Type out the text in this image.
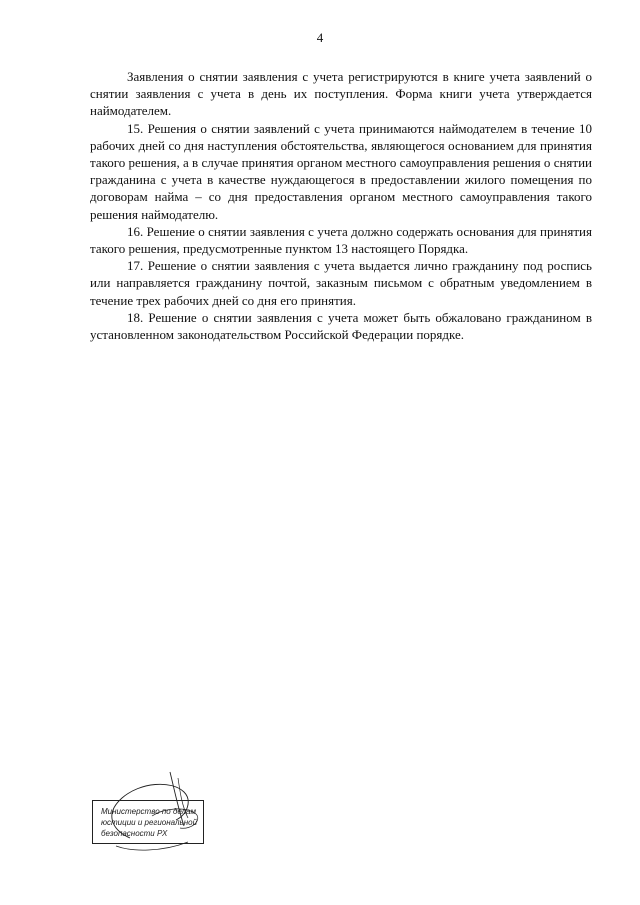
4

Заявления о снятии заявления с учета регистрируются в книге учета заявлений о снятии заявления с учета в день их поступления. Форма книги учета утверждается наймодателем.

15. Решения о снятии заявлений с учета принимаются наймодателем в течение 10 рабочих дней со дня наступления обстоятельства, являющегося основанием для принятия такого решения, а в случае принятия органом местного самоуправления решения о снятии гражданина с учета в качестве нуждающегося в предоставлении жилого помещения по договорам найма – со дня предоставления органом местного самоуправления такого решения наймодателю.

16. Решение о снятии заявления с учета должно содержать основания для принятия такого решения, предусмотренные пунктом 13 настоящего Порядка.

17. Решение о снятии заявления с учета выдается лично гражданину под роспись или направляется гражданину почтой, заказным письмом с обратным уведомлением в течение трех рабочих дней со дня его принятия.

18. Решение о снятии заявления с учета может быть обжаловано гражданином в установленном законодательством Российской Федерации порядке.

Министерство по делам
юстиции и региональной
безопасности РХ
